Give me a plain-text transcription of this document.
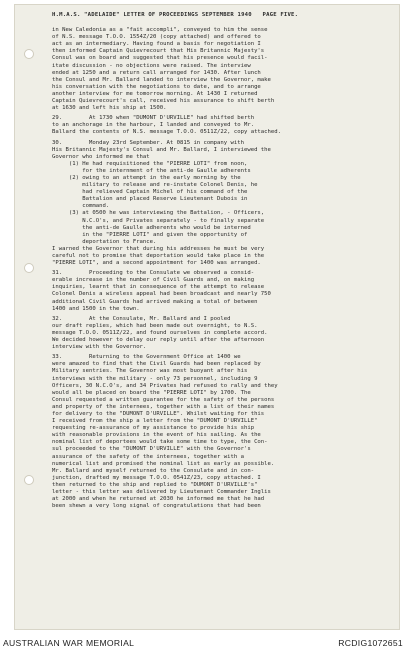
H.M.A.S. "ADELAIDE" LETTER OF PROCEEDINGS SEPTEMBER 1940   PAGE FIVE.
in New Caledonia as a "fait accompli", conveyed to him the sense
of N.S. message T.O.O. 1554Z/20 (copy attached) and offered to
act as an intermediary. Having found a basis for negotiation I
then informed Captain Quievrecourt that His Britannic Majesty's
Consul was on board and suggested that his presence would facil-
itate discussion - no objections were raised. The interview
ended at 1250 and a return call arranged for 1430. After lunch
the Consul and Mr. Ballard landed to interview the Governor, make
his conversation with the negotiations to date, and to arrange
another interview for me tomorrow morning. At 1430 I returned
Captain Quievrecourt's call, received his assurance to shift berth
at 1630 and left his ship at 1500.
29.        At 1730 when "DUMONT D'URVILLE" had shifted berth
to an anchorage in the harbour, I landed and conveyed to Mr.
Ballard the contents of N.S. message T.O.O. 0511Z/22, copy attached.
30.        Monday 23rd September. At 0815 in company with
His Britannic Majesty's Consul and Mr. Ballard, I interviewed the
Governor who informed me that
(1) He had requisitioned the "PIERRE LOTI" from noon,
for the internment of the anti-de Gaulle adherents
(2) owing to an attempt in the early morning by the
military to release and re-instate Colonel Denis, he
had relieved Captain Michel of his command of the
Battalion and placed Reserve Lieutenant Dubois in
command.
(3) at 0500 he was interviewing the Battalion, - Officers,
N.C.O's, and Privates separately - to finally separate
the anti-de Gaulle adherents who would be interned
in the "PIERRE LOTI" and given the opportunity of
deportation to France.
I warned the Governor that during his addresses he must be very
careful not to promise that deportation would take place in the
"PIERRE LOTI", and a second appointment for 1400 was arranged.
31.        Proceeding to the Consulate we observed a consid-
erable increase in the number of Civil Guards and, on making
inquiries, learnt that in consequence of the attempt to release
Colonel Denis a wireless appeal had been broadcast and nearly 750
additional Civil Guards had arrived making a total of between
1400 and 1500 in the town.
32.        At the Consulate, Mr. Ballard and I pooled
our draft replies, which had been made out overnight, to N.S.
message T.O.O. 0511Z/22, and found ourselves in complete accord.
We decided however to delay our reply until after the afternoon
interview with the Governor.
33.        Returning to the Government Office at 1400 we
were amazed to find that the Civil Guards had been replaced by
Military sentries. The Governor was most buoyant after his
interviews with the military - only 73 personnel, including 9
Officers, 30 N.C.O's, and 34 Privates had refused to rally and they
would all be placed on board the "PIERRE LOTI" by 1700. The
Consul requested a written guarantee for the safety of the persons
and property of the internees, together with a list of their names
for delivery to the "DUMONT D'URVILLE". Whilst waiting for this
I received from the ship a letter from the "DUMONT D'URVILLE"
requesting re-assurance of my assistance to provide his ship
with reasonable provisions in the event of his sailing. As the
nominal list of deportees would take some time to type, the Con-
sul proceeded to the "DUMONT D'URVILLE" with the Governor's
assurance of the safety of the internees, together with a
numerical list and promised the nominal list as early as possible.
Mr. Ballard and myself returned to the Consulate and in con-
junction, drafted my message T.O.O. 0541Z/23, copy attached. I
then returned to the ship and replied to "DUMONT D'URVILLE's"
letter - this letter was delivered by Lieutenant Commander Inglis
at 2000 and when he returned at 2030 he informed me that he had
been shewn a very long signal of congratulations that had been
AUSTRALIAN WAR MEMORIAL	RCDIG1072651
